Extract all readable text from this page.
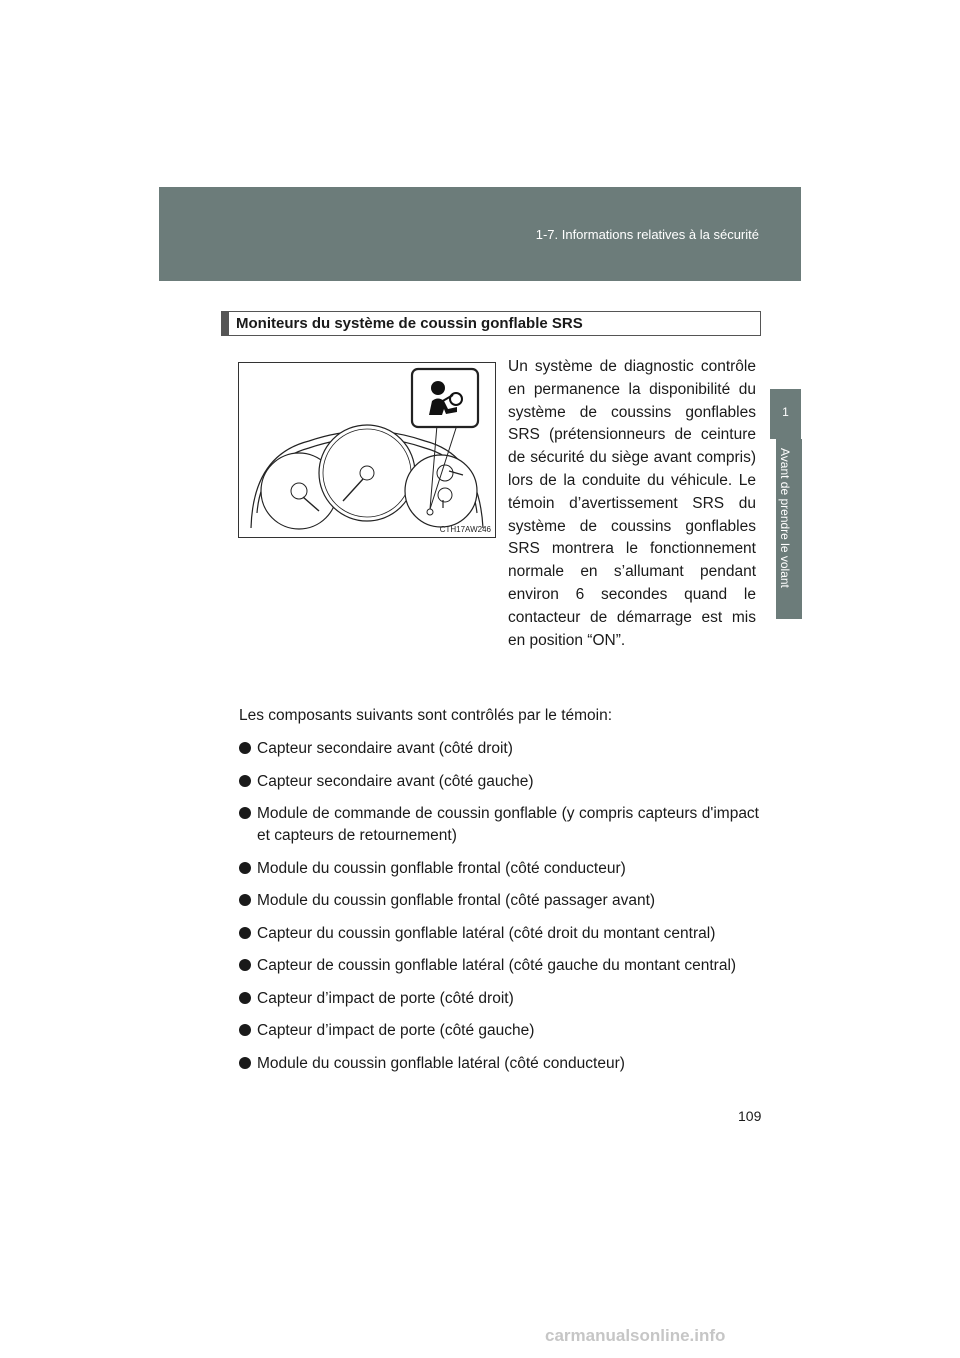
1-7. Informations relatives à la sécurité
1
Avant de prendre le volant
Moniteurs du système de coussin gonflable SRS
CTH17AW246

Un système de diagnostic contrôle en permanence la disponibilité du système de coussins gonflables SRS (prétensionneurs de ceinture de sécurité du siège avant compris) lors de la conduite du véhicule. Le témoin d’avertissement SRS du système de coussins gonflables SRS montrera le fonctionnement normale en s’allumant pendant environ 6 secondes quand le contacteur de démarrage est mis en position “ON”.

Les composants suivants sont contrôlés par le témoin:

Capteur secondaire avant (côté droit)
Capteur secondaire avant (côté gauche)
Module de commande de coussin gonflable (y compris capteurs d'impact et capteurs de retournement)
Module du coussin gonflable frontal (côté conducteur)
Module du coussin gonflable frontal (côté passager avant)
Capteur du coussin gonflable latéral (côté droit du montant central)
Capteur de coussin gonflable latéral (côté gauche du montant central)
Capteur d’impact de porte (côté droit)
Capteur d’impact de porte (côté gauche)
Module du coussin gonflable latéral (côté conducteur)
109
carmanualsonline.info
